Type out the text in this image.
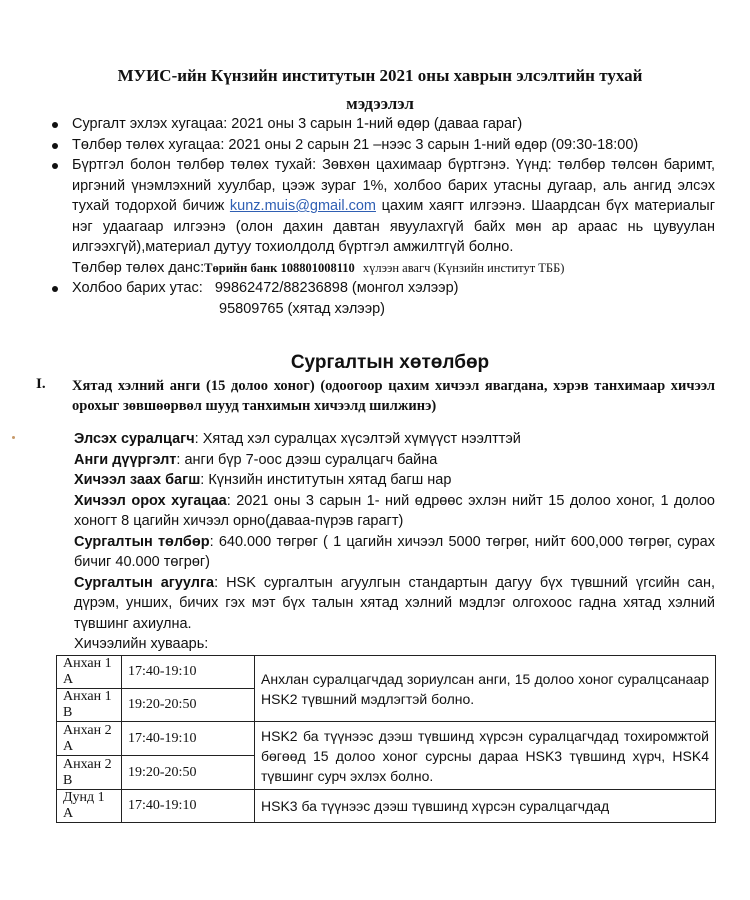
МУИС-ийн Күнзийн институтын 2021 оны хаврын элсэлтийн тухай
мэдээлэл
Сургалт эхлэх хугацаа: 2021 оны 3 сарын 1-ний өдөр (даваа гараг)
Төлбөр төлөх хугацаа: 2021 оны 2 сарын 21 –нээс 3 сарын 1-ний өдөр (09:30-18:00)
Бүртгэл болон төлбөр төлөх тухай: Зөвхөн цахимаар бүртгэнэ. Үүнд: төлбөр төлсөн баримт, иргэний үнэмлэхний хуулбар, цээж зураг 1%, холбоо барих утасны дугаар, аль ангид элсэх тухай тодорхой бичиж kunz.muis@gmail.com цахим хаягт илгээнэ. Шаардсан бүх материалыг нэг удаагаар илгээнэ (олон дахин давтан явуулахгүй байх мөн ар араас нь цувуулан илгээхгүй),материал дутуу тохиолдолд бүртгэл амжилтгүй болно.
Төлбөр төлөх данс:Төрийн банк 108801008110 хүлээн авагч (Күнзийн институт ТББ)
Холбоо барих утас: 99862472/88236898 (монгол хэлээр)
95809765 (хятад хэлээр)
Сургалтын хөтөлбөр
I. Хятад хэлний анги (15 долоо хоног) (одоогоор цахим хичээл явагдана, хэрэв танхимаар хичээл орохыг зөвшөөрвөл шууд танхимын хичээлд шилжинэ)

Элсэх суралцагч: Хятад хэл суралцах хүсэлтэй хүмүүст нээлттэй

Анги дүүргэлт: анги бүр 7-оос дээш суралцагч байна

Хичээл заах багш: Күнзийн институтын хятад багш нар

Хичээл орох хугацаа: 2021 оны 3 сарын 1- ний өдрөөс эхлэн нийт 15 долоо хоног, 1 долоо хоногт 8 цагийн хичээл орно(даваа-пүрэв гарагт)

Сургалтын төлбөр: 640.000 төгрөг ( 1 цагийн хичээл 5000 төгрөг, нийт 600,000 төгрөг, сурах бичиг 40.000 төгрөг)

Сургалтын агуулга: HSK сургалтын агуулгын стандартын дагуу бүх түвшний үгсийн сан, дүрэм, унших, бичих гэх мэт бүх талын хятад хэлний мэдлэг олгохоос гадна хятад хэлний түвшинг ахиулна.

Хичээлийн хуваарь:

Анхан 1 А	17:40-19:10	Анхлан суралцагчдад зориулсан анги, 15 долоо хоног суралцсанаар HSK2 түвшний мэдлэгтэй болно.
Анхан 1 В	19:20-20:50	
Анхан 2 А	17:40-19:10	HSK2 ба түүнээс дээш түвшинд хүрсэн суралцагчдад тохиромжтой бөгөөд 15 долоо хоног сурсны дараа HSK3 түвшинд хүрч, HSK4 түвшинг сурч эхлэх болно.
Анхан 2 В	19:20-20:50	
Дунд 1 А	17:40-19:10	HSK3 ба түүнээс дээш түвшинд хүрсэн суралцагчдад
